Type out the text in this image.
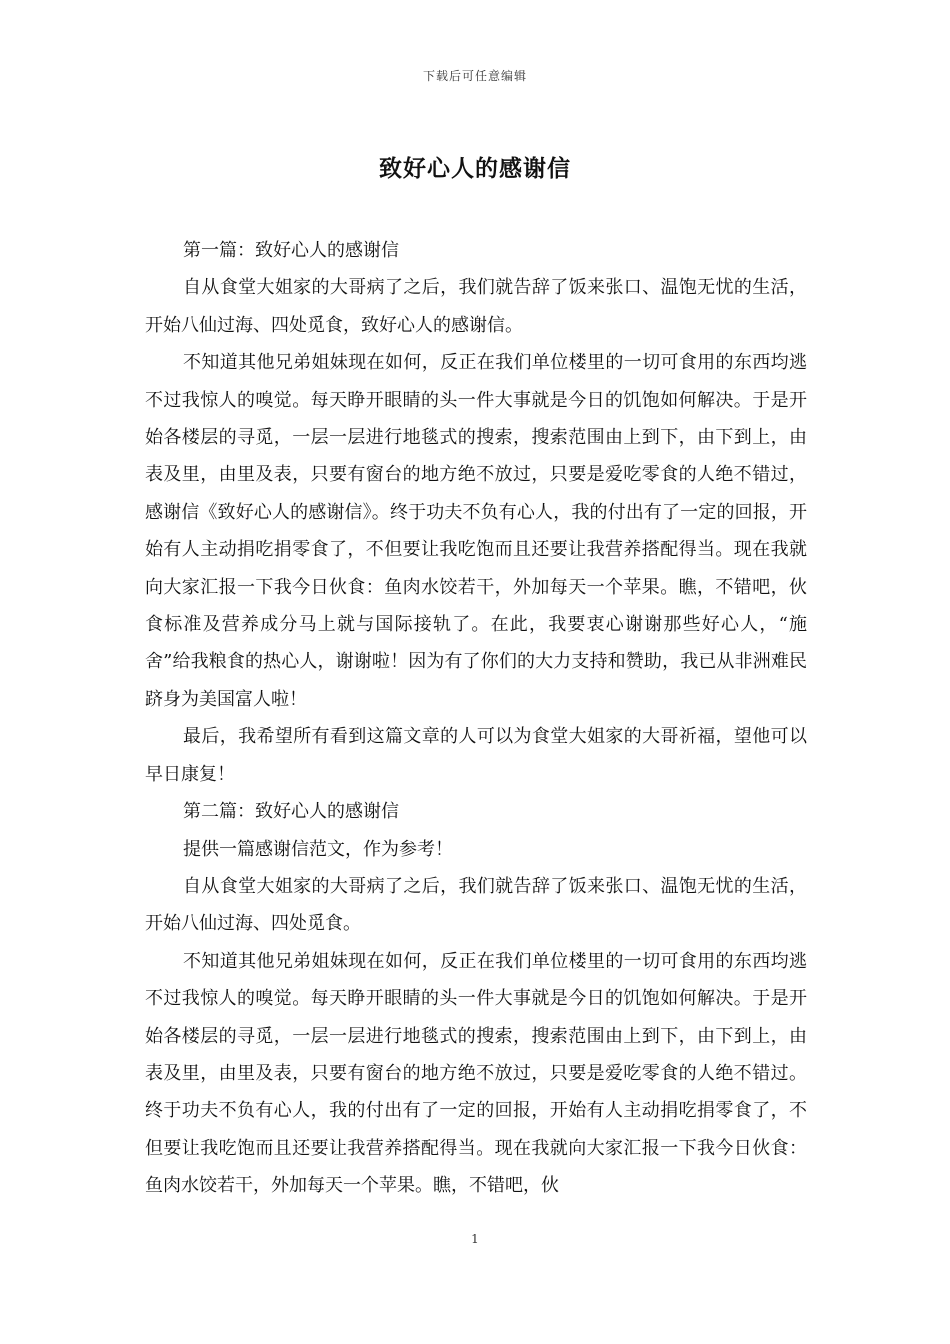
下载后可任意编辑
致好心人的感谢信

第一篇：致好心人的感谢信

自从食堂大姐家的大哥病了之后，我们就告辞了饭来张口、温饱无忧的生活，开始八仙过海、四处觅食，致好心人的感谢信。

不知道其他兄弟姐妹现在如何，反正在我们单位楼里的一切可食用的东西均逃不过我惊人的嗅觉。每天睁开眼睛的头一件大事就是今日的饥饱如何解决。于是开始各楼层的寻觅，一层一层进行地毯式的搜索，搜索范围由上到下，由下到上，由表及里，由里及表，只要有窗台的地方绝不放过，只要是爱吃零食的人绝不错过，感谢信《致好心人的感谢信》。终于功夫不负有心人，我的付出有了一定的回报，开始有人主动捐吃捐零食了，不但要让我吃饱而且还要让我营养搭配得当。现在我就向大家汇报一下我今日伙食：鱼肉水饺若干，外加每天一个苹果。瞧，不错吧，伙食标准及营养成分马上就与国际接轨了。在此，我要衷心谢谢那些好心人，“施舍”给我粮食的热心人，谢谢啦！因为有了你们的大力支持和赞助，我已从非洲难民跻身为美国富人啦！

最后，我希望所有看到这篇文章的人可以为食堂大姐家的大哥祈福，望他可以早日康复！

第二篇：致好心人的感谢信

提供一篇感谢信范文，作为参考！

自从食堂大姐家的大哥病了之后，我们就告辞了饭来张口、温饱无忧的生活，开始八仙过海、四处觅食。

不知道其他兄弟姐妹现在如何，反正在我们单位楼里的一切可食用的东西均逃不过我惊人的嗅觉。每天睁开眼睛的头一件大事就是今日的饥饱如何解决。于是开始各楼层的寻觅，一层一层进行地毯式的搜索，搜索范围由上到下，由下到上，由表及里，由里及表，只要有窗台的地方绝不放过，只要是爱吃零食的人绝不错过。终于功夫不负有心人，我的付出有了一定的回报，开始有人主动捐吃捐零食了，不但要让我吃饱而且还要让我营养搭配得当。现在我就向大家汇报一下我今日伙食：鱼肉水饺若干，外加每天一个苹果。瞧，不错吧，伙

1
